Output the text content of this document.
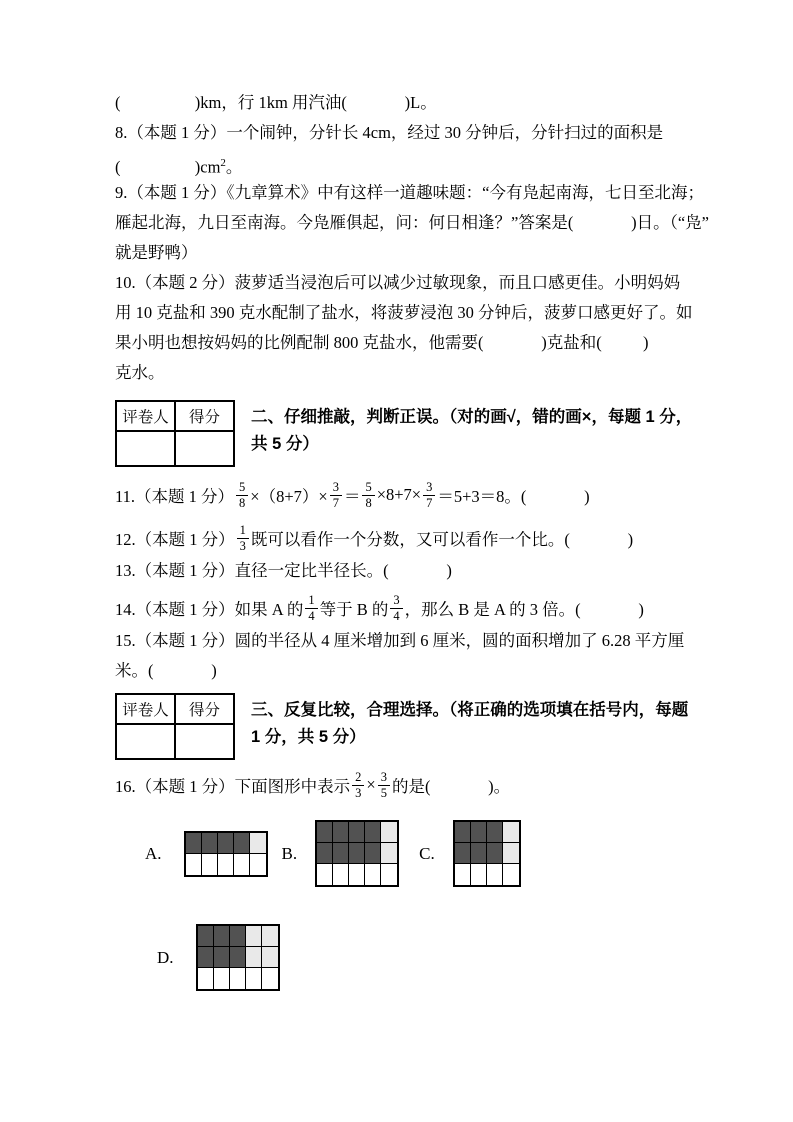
(                  )km，行 1km 用汽油(              )L。
8.（本题 1 分）一个闹钟，分针长 4cm，经过 30 分钟后，分针扫过的面积是
(                  )$cm^2$。
9.（本题 1 分）《九章算术》中有这样一道趣味题：“今有凫起南海，七日至北海；
雁起北海，九日至南海。今凫雁俱起，问：何日相逢？”答案是(              )日。（“凫”
就是野鸭）
10.（本题 2 分）菠萝适当浸泡后可以减少过敏现象，而且口感更佳。小明妈妈
用 10 克盐和 390 克水配制了盐水，将菠萝浸泡 30 分钟后，菠萝口感更好了。如
果小明也想按妈妈的比例配制 800 克盐水，他需要(              )克盐和(          )
克水。
评卷人	得分
	二、仔细推敲，判断正误。（对的画√，错的画×，每题 1 分，
共 5 分）
11.（本题 1 分） $\frac{5}{8} \times(8+7)\times \frac{3}{7} = \frac{5}{8} \times 8+7\times \frac{3}{7} =5+3=8$。(              )
12.（本题 1 分） $\frac{1}{3}$ 既可以看作一个分数，又可以看作一个比。(              )
13.（本题 1 分）直径一定比半径长。(              )
14.（本题 1 分）如果 A 的 $\frac{1}{4}$ 等于 B 的 $\frac{3}{4}$ ，那么 B 是 A 的 3 倍。(              )
15.（本题 1 分）圆的半径从 4 厘米增加到 6 厘米，圆的面积增加了 6.28 平方厘
米。(              )
评卷人	得分
	三、反复比较，合理选择。（将正确的选项填在括号内，每题
1 分，共 5 分）
16.（本题 1 分）下面图形中表示 $\frac{2}{3} \times \frac{3}{5}$ 的是(              )。
A.	B.	C.
D.
